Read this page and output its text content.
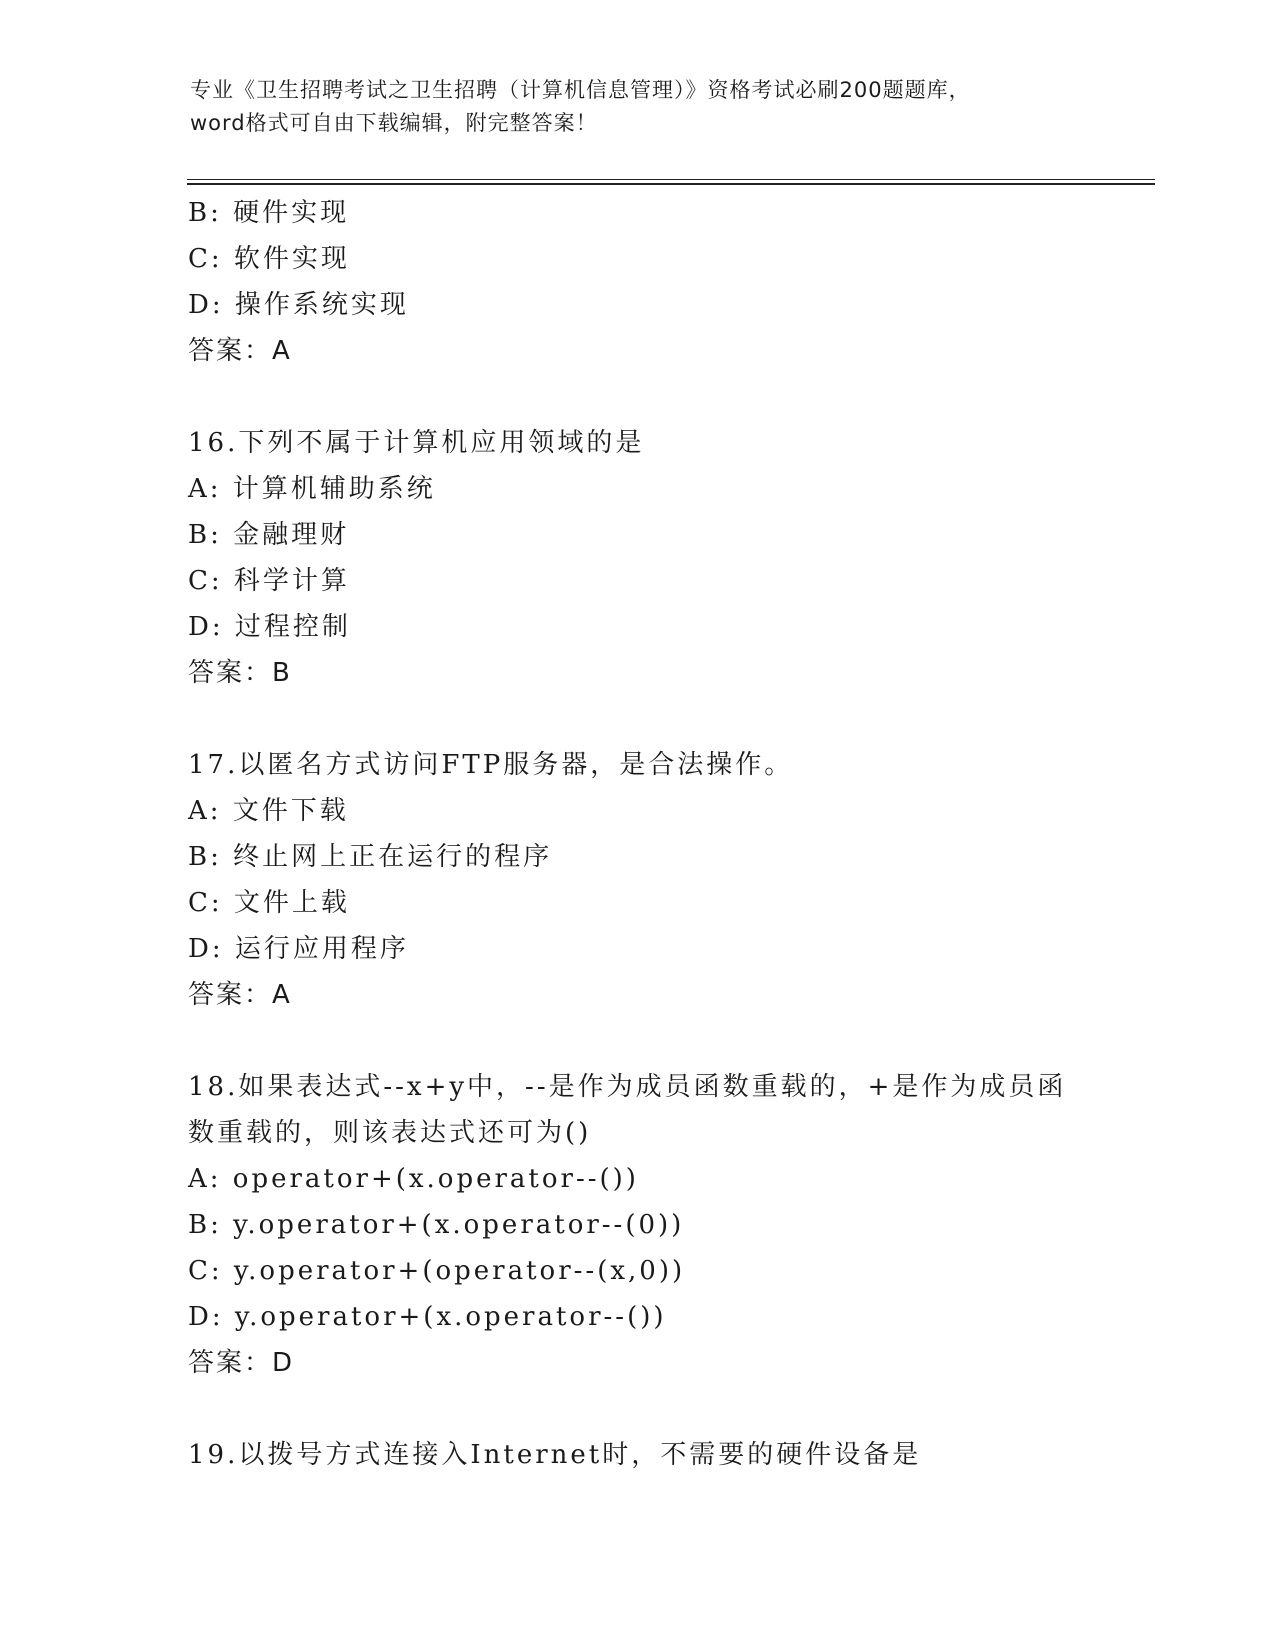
专业《卫生招聘考试之卫生招聘（计算机信息管理）》资格考试必刷200题题库，
word格式可自由下载编辑，附完整答案！
B: 硬件实现
C: 软件实现
D: 操作系统实现
答案：A
16.下列不属于计算机应用领域的是
A: 计算机辅助系统
B: 金融理财
C: 科学计算
D: 过程控制
答案：B
17.以匿名方式访问FTP服务器，是合法操作。
A: 文件下载
B: 终止网上正在运行的程序
C: 文件上载
D: 运行应用程序
答案：A
18.如果表达式--x+y中，--是作为成员函数重载的，+是作为成员函数重载的，则该表达式还可为()
A: operator+(x.operator--())
B: y.operator+(x.operator--(0))
C: y.operator+(operator--(x,0))
D: y.operator+(x.operator--())
答案：D
19.以拨号方式连接入Internet时，不需要的硬件设备是
